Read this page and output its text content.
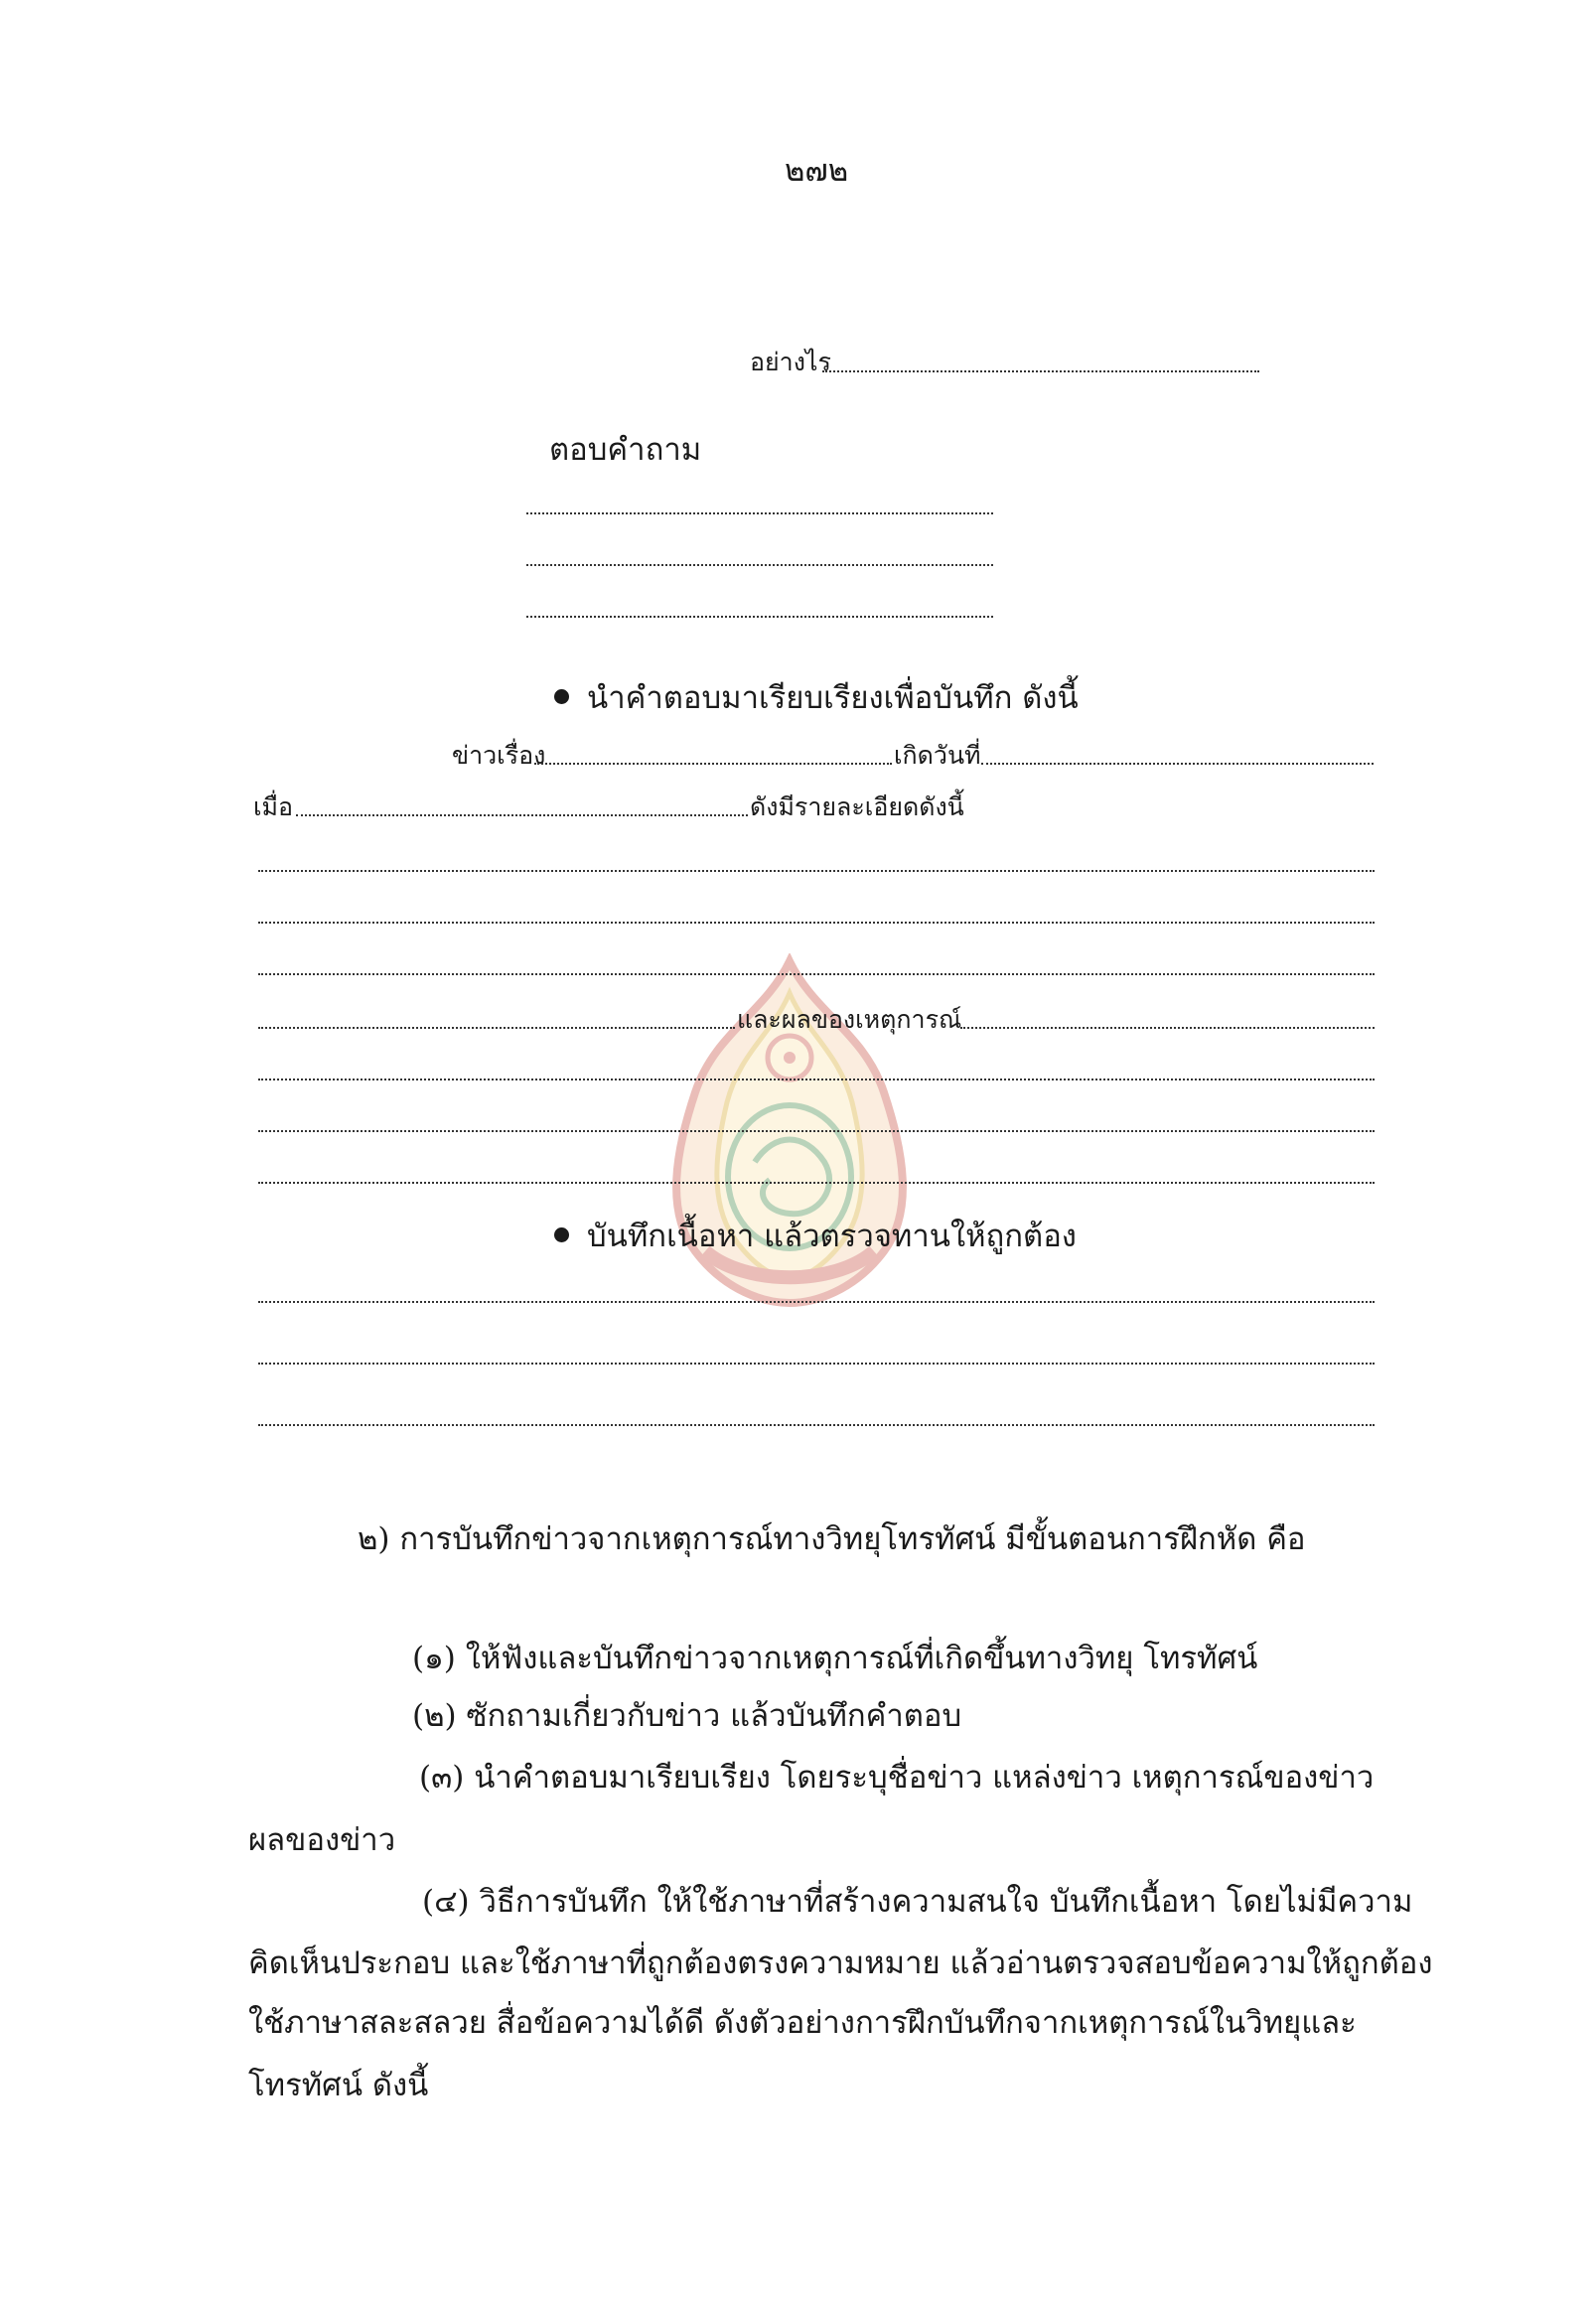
๒๗๒
อย่างไร
ตอบคำถาม
นำคำตอบมาเรียบเรียงเพื่อบันทึก ดังนี้
ข่าวเรื่อง	เกิดวันที่
เมื่อ	ดังมีรายละเอียดดังนี้
และผลของเหตุการณ์
บันทึกเนื้อหา แล้วตรวจทานให้ถูกต้อง
๒) การบันทึกข่าวจากเหตุการณ์ทางวิทยุโทรทัศน์ มีขั้นตอนการฝึกหัด คือ
(๑) ให้ฟังและบันทึกข่าวจากเหตุการณ์ที่เกิดขึ้นทางวิทยุ โทรทัศน์
(๒) ซักถามเกี่ยวกับข่าว แล้วบันทึกคำตอบ
(๓) นำคำตอบมาเรียบเรียง โดยระบุชื่อข่าว แหล่งข่าว เหตุการณ์ของข่าว
ผลของข่าว
(๔) วิธีการบันทึก ให้ใช้ภาษาที่สร้างความสนใจ บันทึกเนื้อหา โดยไม่มีความ
คิดเห็นประกอบ และใช้ภาษาที่ถูกต้องตรงความหมาย แล้วอ่านตรวจสอบข้อความให้ถูกต้อง
ใช้ภาษาสละสลวย สื่อข้อความได้ดี ดังตัวอย่างการฝึกบันทึกจากเหตุการณ์ในวิทยุและ
โทรทัศน์ ดังนี้
